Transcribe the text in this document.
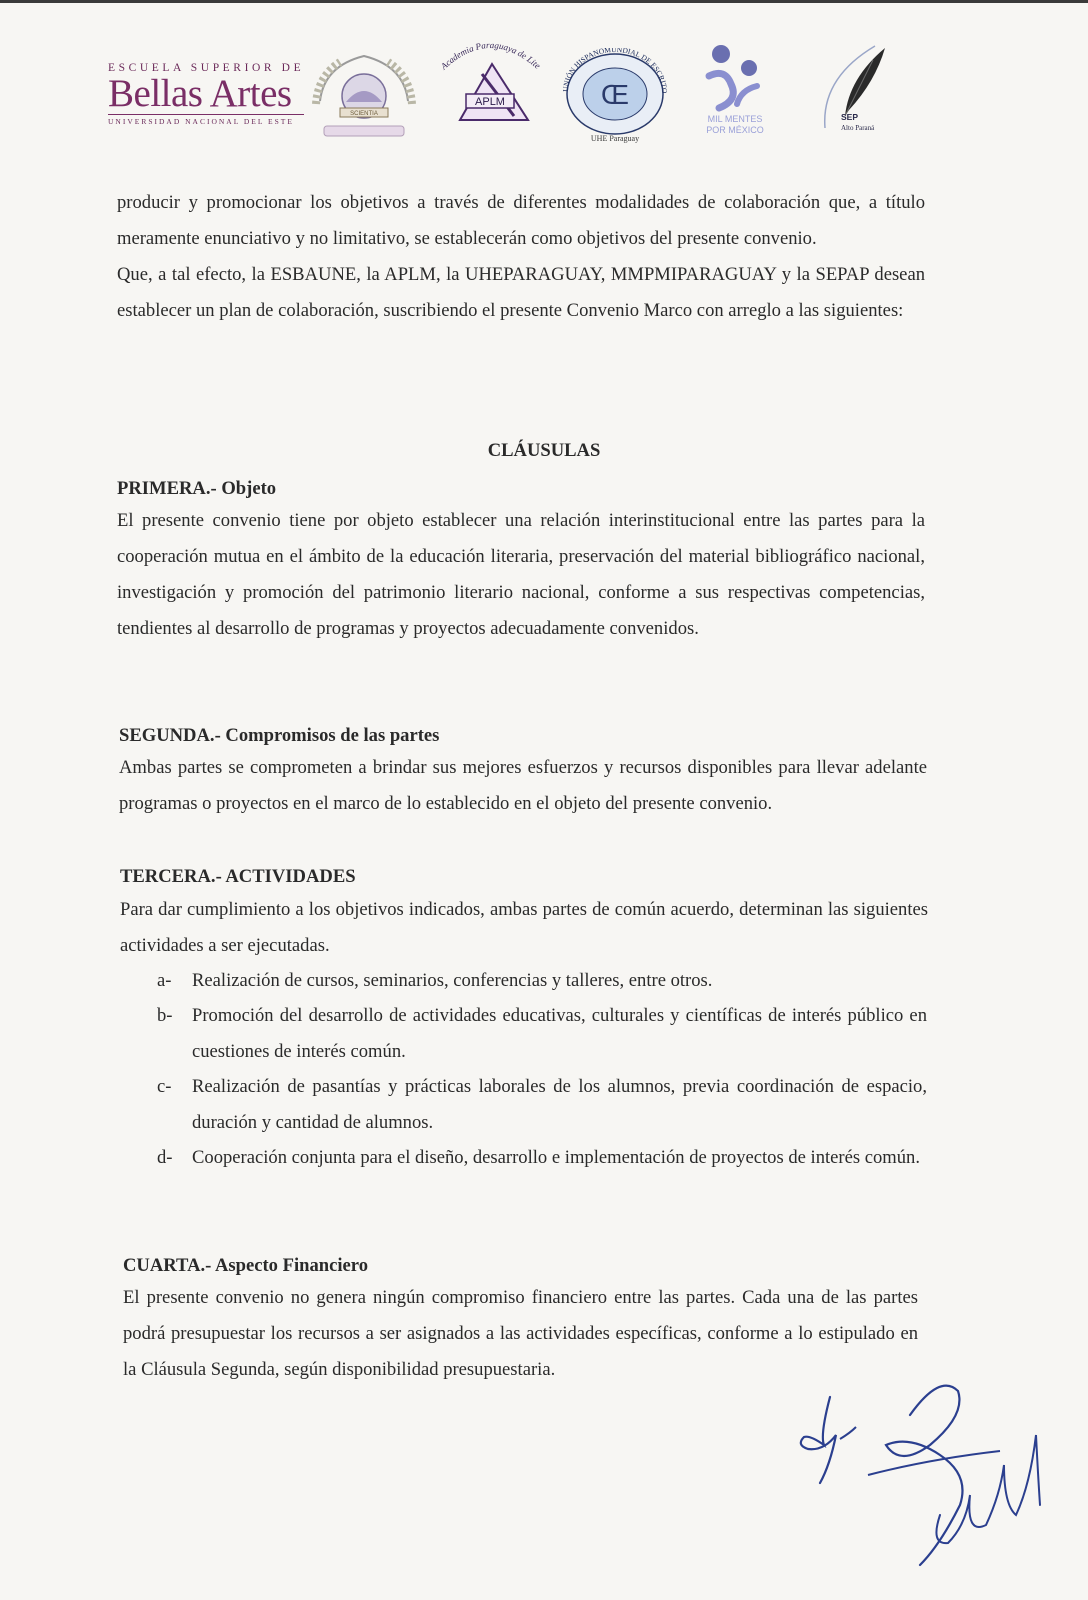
ESCUELA SUPERIOR DE
Bellas Artes
UNIVERSIDAD NACIONAL DEL ESTE
SCIENTIA
Academia Paraguaya de Lite
APLM	Œ
UNIÓN HISPANOMUNDIAL DE ESCRITO
UHE Paraguay
MIL MENTES
POR MÉXICO
SEP
Alto Paraná

producir y promocionar los objetivos a través de diferentes modalidades de colaboración que, a título meramente enunciativo y no limitativo, se establecerán como objetivos del presente convenio.

Que, a tal efecto, la ESBAUNE, la APLM, la UHEPARAGUAY, MMPMIPARAGUAY y la SEPAP desean establecer un plan de colaboración, suscribiendo el presente Convenio Marco con arreglo a las siguientes:

CLÁUSULAS
PRIMERA.- Objeto

El presente convenio tiene por objeto establecer una relación interinstitucional entre las partes para la cooperación mutua en el ámbito de la educación literaria, preservación del material bibliográfico nacional, investigación y promoción del patrimonio literario nacional, conforme a sus respectivas competencias, tendientes al desarrollo de programas y proyectos adecuadamente convenidos.

SEGUNDA.- Compromisos de las partes

Ambas partes se comprometen a brindar sus mejores esfuerzos y recursos disponibles para llevar adelante programas o proyectos en el marco de lo establecido en el objeto del presente convenio.

TERCERA.- ACTIVIDADES

Para dar cumplimiento a los objetivos indicados, ambas partes de común acuerdo, determinan las siguientes actividades a ser ejecutadas.

a- Realización de cursos, seminarios, conferencias y talleres, entre otros.
b- Promoción del desarrollo de actividades educativas, culturales y científicas de interés público en cuestiones de interés común.
c- Realización de pasantías y prácticas laborales de los alumnos, previa coordinación de espacio, duración y cantidad de alumnos.
d- Cooperación conjunta para el diseño, desarrollo e implementación de proyectos de interés común.
CUARTA.- Aspecto Financiero

El presente convenio no genera ningún compromiso financiero entre las partes. Cada una de las partes podrá presupuestar los recursos a ser asignados a las actividades específicas, conforme a lo estipulado en la Cláusula Segunda, según disponibilidad presupuestaria.
